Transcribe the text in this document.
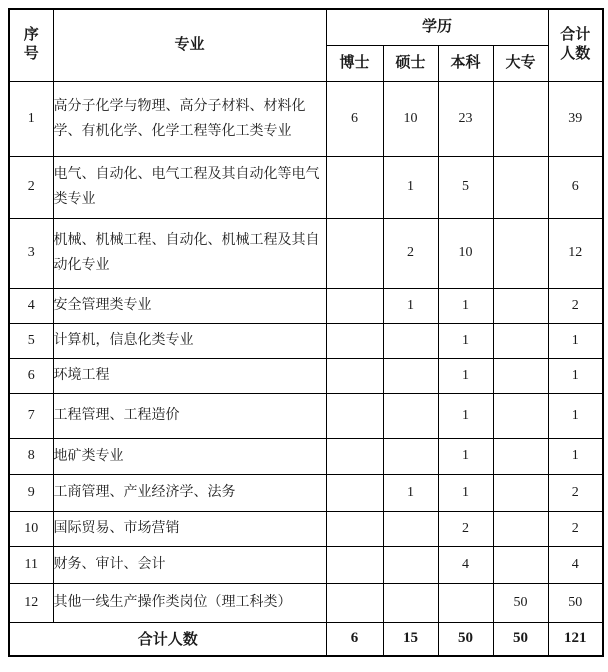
序号	专业	学历				合计人数
		博士	硕士	本科	大专	
1	高分子化学与物理、高分子材料、材料化学、有机化学、化学工程等化工类专业	6	10	23		39
2	电气、自动化、电气工程及其自动化等电气类专业		1	5		6
3	机械、机械工程、自动化、机械工程及其自动化专业		2	10		12
4	安全管理类专业		1	1		2
5	计算机，信息化类专业			1		1
6	环境工程			1		1
7	工程管理、工程造价			1		1
8	地矿类专业			1		1
9	工商管理、产业经济学、法务		1	1		2
10	国际贸易、市场营销			2		2
11	财务、审计、会计			4		4
12	其他一线生产操作类岗位（理工科类）				50	50
合计人数		6	15	50	50	121
